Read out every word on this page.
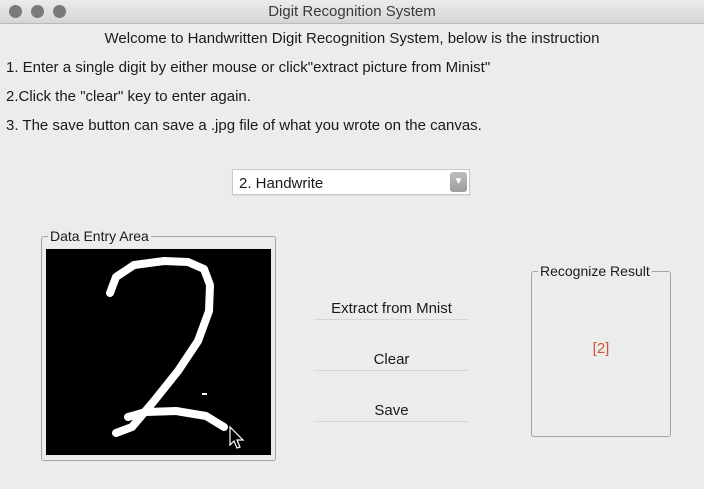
Digit Recognition System
Welcome to Handwritten Digit Recognition System, below is the instruction
1. Enter a single digit by either mouse or click"extract picture from Minist"
2.Click the "clear" key to enter again.
3. The save button can save a .jpg file of what you wrote on the canvas.
2. Handwrite	▼
Data Entry Area
Extract from Mnist
Clear
Save
Recognize Result
[2]
